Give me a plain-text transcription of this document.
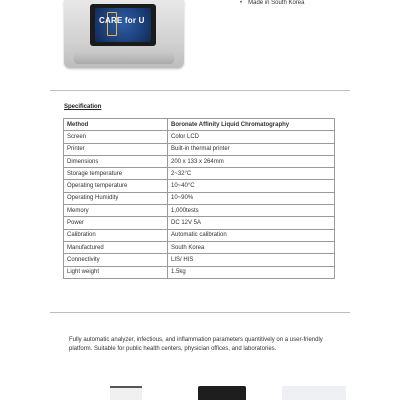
CARE for U
• Made in South Korea
Specification
Method	Boronate Affinity Liquid Chromatography
Screen	Color LCD
Printer	Built-in thermal printer
Dimensions	200 x 133 x 264mm
Storage temperature	2~32°C
Operating temperature	10~40°C
Operating Humidity	10~90%
Memory	1,000tests
Power	DC 12V 5A
Calibration	Automatic calibration
Manufactured	South Korea
Connectivity	LIS/ HIS
Light weight	1.5kg
Fully automatic analyzer, infectious, and inflammation parameters quantitively on a user-friendly platform. Suitable for public health centers, physician offices, and laboratories.
